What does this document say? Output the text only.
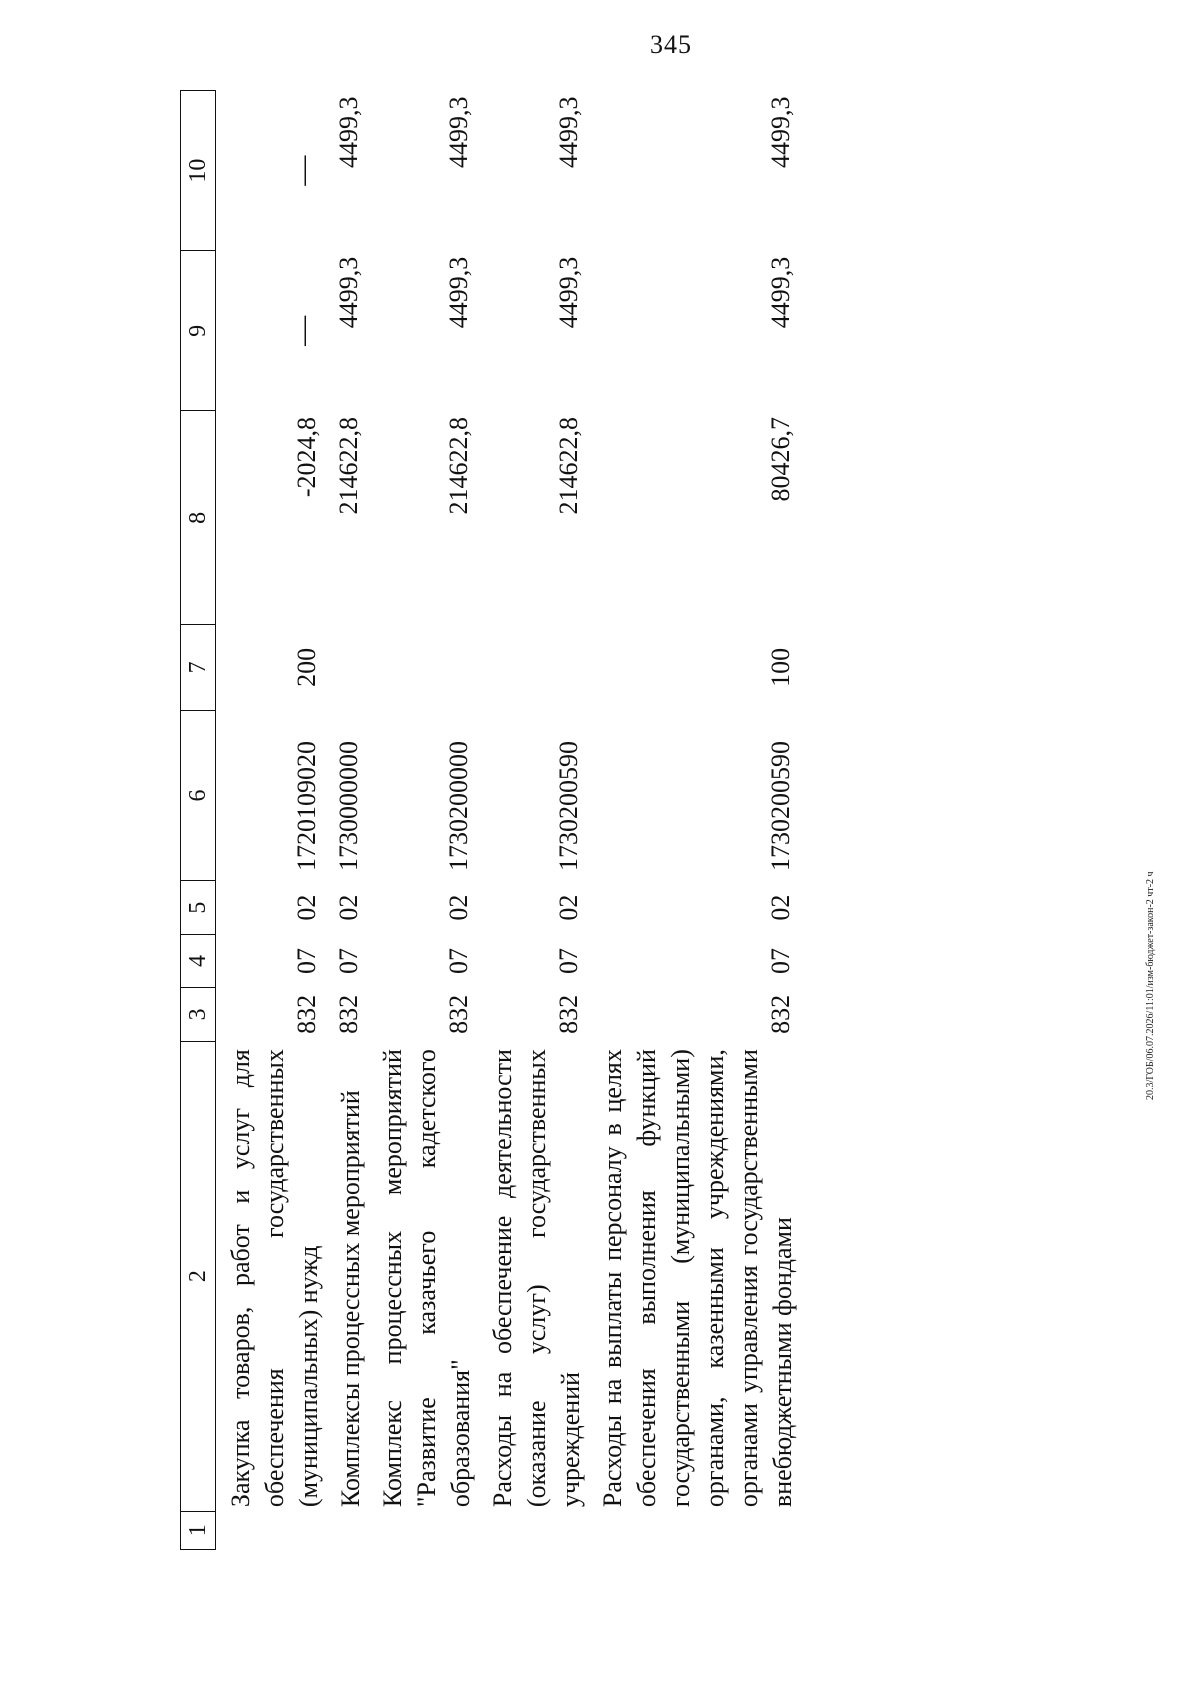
345
20.3/ГОБ/06.07.2026/11:01/изм-бюджет-закон-2 чт-2 ч
1	2	3	4	5	6	7	8	9	10
	Закупка товаров, работ и услуг для обеспечения государственных (муниципальных) нужд	832	07	02	1720109020	200	-2024,8	—	—
	Комплексы процессных мероприятий	832	07	02	1730000000		214622,8	4499,3	4499,3
	Комплекс процессных мероприятий "Развитие казачьего кадетского образования"	832	07	02	1730200000		214622,8	4499,3	4499,3
	Расходы на обеспечение деятельности (оказание услуг) государственных учреждений	832	07	02	1730200590		214622,8	4499,3	4499,3
	Расходы на выплаты персоналу в целях обеспечения выполнения функций государственными (муниципальными) органами, казенными учреждениями, органами управления государственными внебюджетными фондами	832	07	02	1730200590	100	80426,7	4499,3	4499,3
